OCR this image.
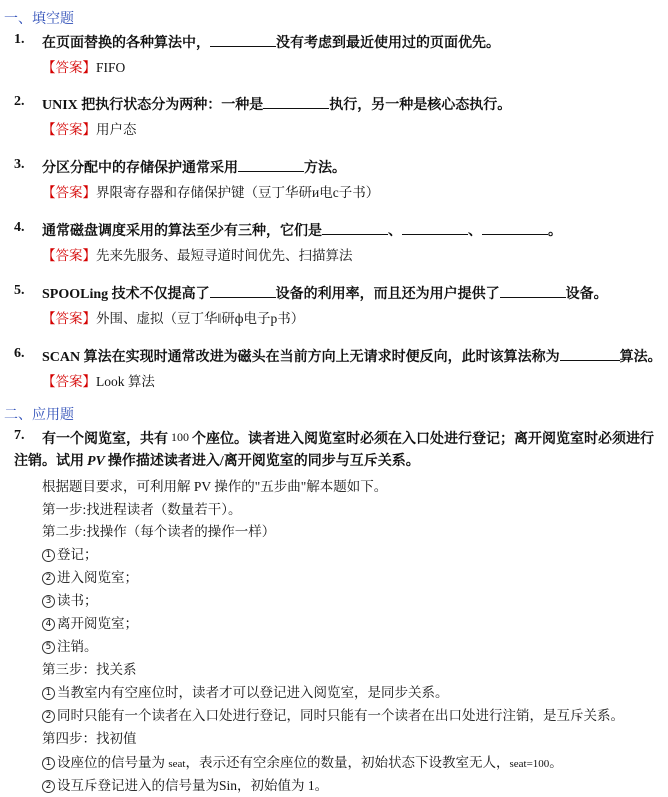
一、填空题
1. 在页面替换的各种算法中，	没有考虑到最近使用过的页面优先。
【答案】FIFO
2. UNIX 把执行状态分为两种：一种是	执行，另一种是核心态执行。
【答案】用户态
3. 分区分配中的存储保护通常采用	方法。
【答案】界限寄存器和存储保护键（豆丁华研и电c子书）
4. 通常磁盘调度采用的算法至少有三种，它们是	、	、	。
【答案】先来先服务、最短寻道时间优先、扫描算法
5. SPOOLing 技术不仅提高了	设备的利用率，而且还为用户提供了	设备。
【答案】外围、虚拟（豆丁华‖研ф电子р书）
6. SCAN 算法在实现时通常改进为磁头在当前方向上无请求时便反向，此时该算法称为	算法。
【答案】Look 算法
二、应用题
7. 有一个阅览室，共有 100 个座位。读者进入阅览室时必须在入口处进行登记；离开阅览室时必须进行
注销。试用 PV 操作描述读者进入/离开阅览室的同步与互斥关系。
根据题目要求，可利用解 PV 操作的"五步曲"解本题如下。
第一步:找进程读者（数量若干）。
第二步:找操作（每个读者的操作一样）
1 登记；
2 进入阅览室；
3 读书；
4 离开阅览室；
5 注销。
第三步：找关系
1 当教室内有空座位时，读者才可以登记进入阅览室，是同步关系。
2 同时只能有一个读者在入口处进行登记，同时只能有一个读者在出口处进行注销，是互斥关系。
第四步：找初值
1 设座位的信号量为 seat，表示还有空余座位的数量，初始状态下设教室无人，seat=100。
2 设互斥登记进入的信号量为Sin，初始值为 1。
